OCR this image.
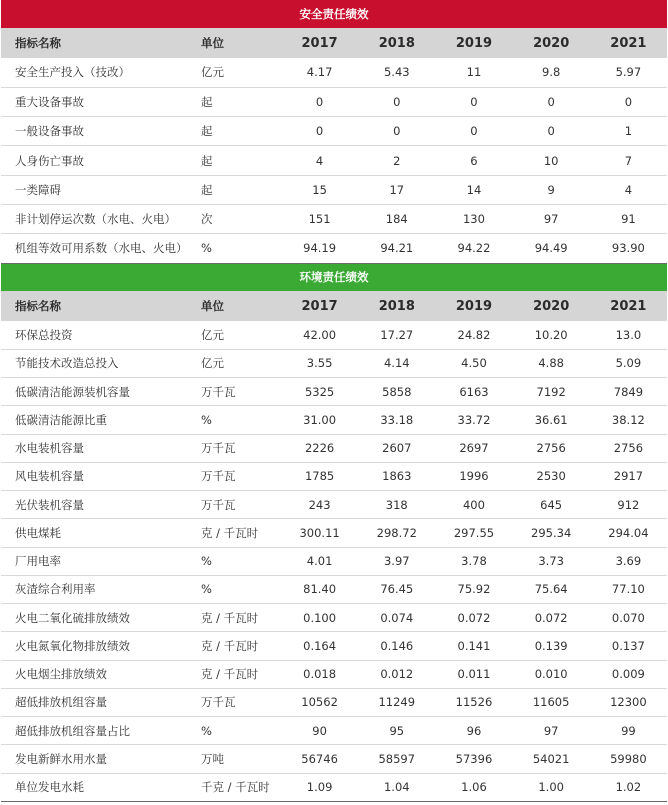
安全责任绩效						
指标名称	单位	2017	2018	2019	2020	2021
安全生产投入（技改）	亿元	4.17	5.43	11	9.8	5.97
重大设备事故	起	0	0	0	0	0
一般设备事故	起	0	0	0	0	1
人身伤亡事故	起	4	2	6	10	7
一类障碍	起	15	17	14	9	4
非计划停运次数（水电、火电）	次	151	184	130	97	91
机组等效可用系数（水电、火电）	%	94.19	94.21	94.22	94.49	93.90
环境责任绩效						
指标名称	单位	2017	2018	2019	2020	2021
环保总投资	亿元	42.00	17.27	24.82	10.20	13.0
节能技术改造总投入	亿元	3.55	4.14	4.50	4.88	5.09
低碳清洁能源装机容量	万千瓦	5325	5858	6163	7192	7849
低碳清洁能源比重	%	31.00	33.18	33.72	36.61	38.12
水电装机容量	万千瓦	2226	2607	2697	2756	2756
风电装机容量	万千瓦	1785	1863	1996	2530	2917
光伏装机容量	万千瓦	243	318	400	645	912
供电煤耗	克 / 千瓦时	300.11	298.72	297.55	295.34	294.04
厂用电率	%	4.01	3.97	3.78	3.73	3.69
灰渣综合利用率	%	81.40	76.45	75.92	75.64	77.10
火电二氧化硫排放绩效	克 / 千瓦时	0.100	0.074	0.072	0.072	0.070
火电氮氧化物排放绩效	克 / 千瓦时	0.164	0.146	0.141	0.139	0.137
火电烟尘排放绩效	克 / 千瓦时	0.018	0.012	0.011	0.010	0.009
超低排放机组容量	万千瓦	10562	11249	11526	11605	12300
超低排放机组容量占比	%	90	95	96	97	99
发电新鲜水用水量	万吨	56746	58597	57396	54021	59980
单位发电水耗	千克 / 千瓦时	1.09	1.04	1.06	1.00	1.02
